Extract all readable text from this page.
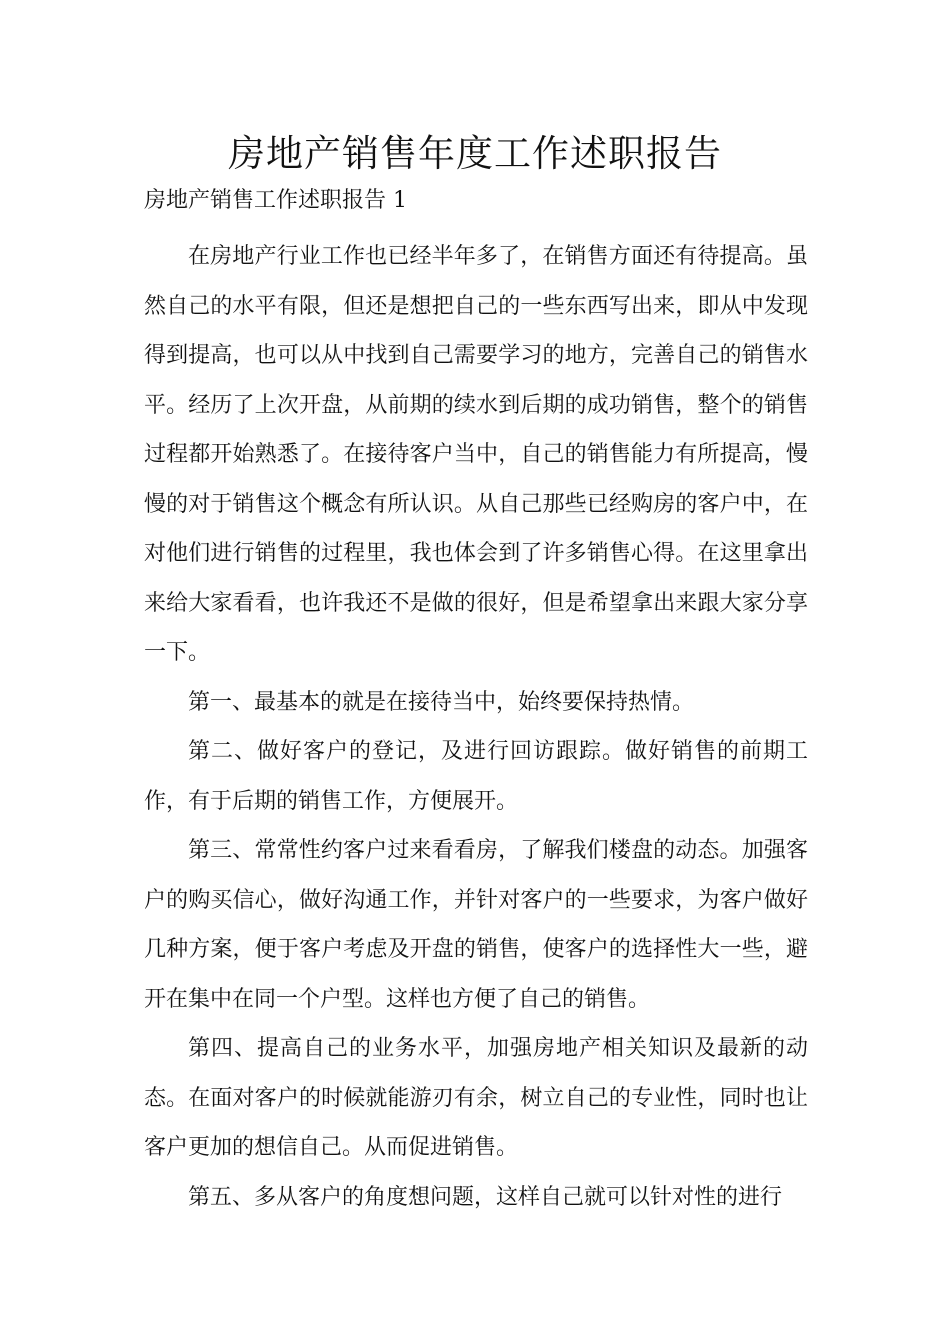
房地产销售年度工作述职报告
房地产销售工作述职报告 1

在房地产行业工作也已经半年多了，在销售方面还有待提高。虽然自己的水平有限，但还是想把自己的一些东西写出来，即从中发现得到提高，也可以从中找到自己需要学习的地方，完善自己的销售水平。经历了上次开盘，从前期的续水到后期的成功销售，整个的销售过程都开始熟悉了。在接待客户当中，自己的销售能力有所提高，慢慢的对于销售这个概念有所认识。从自己那些已经购房的客户中，在对他们进行销售的过程里，我也体会到了许多销售心得。在这里拿出来给大家看看，也许我还不是做的很好，但是希望拿出来跟大家分享一下。

第一、最基本的就是在接待当中，始终要保持热情。

第二、做好客户的登记，及进行回访跟踪。做好销售的前期工作，有于后期的销售工作，方便展开。

第三、常常性约客户过来看看房，了解我们楼盘的动态。加强客户的购买信心，做好沟通工作，并针对客户的一些要求，为客户做好几种方案，便于客户考虑及开盘的销售，使客户的选择性大一些，避开在集中在同一个户型。这样也方便了自己的销售。

第四、提高自己的业务水平，加强房地产相关知识及最新的动态。在面对客户的时候就能游刃有余，树立自己的专业性，同时也让客户更加的想信自己。从而促进销售。

第五、多从客户的角度想问题，这样自己就可以针对性的进行
